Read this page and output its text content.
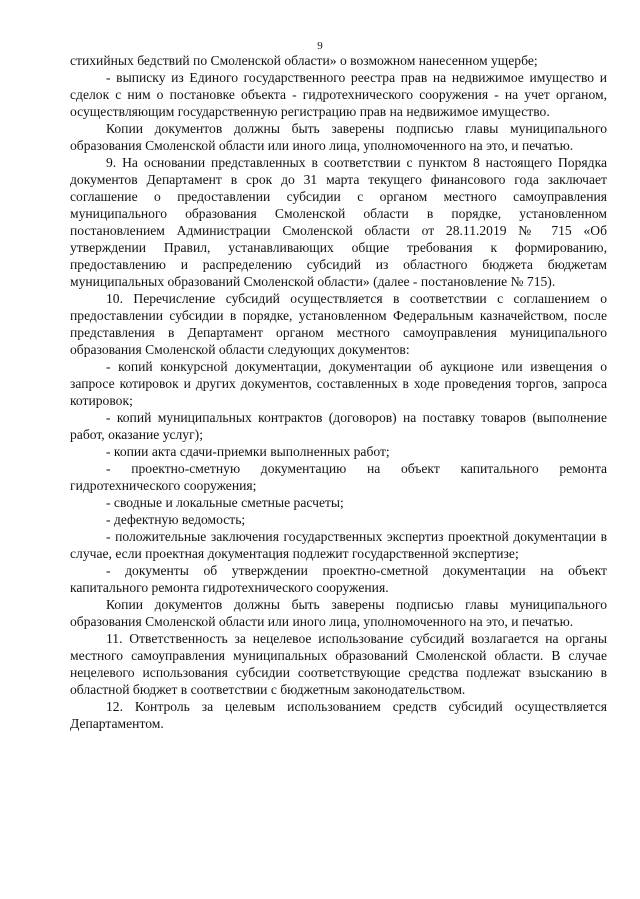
9

стихийных бедствий по Смоленской области» о возможном нанесенном ущербе;

- выписку из Единого государственного реестра прав на недвижимое имущество и сделок с ним о постановке объекта - гидротехнического сооружения - на учет органом, осуществляющим государственную регистрацию прав на недвижимое имущество.

Копии документов должны быть заверены подписью главы муниципального образования Смоленской области или иного лица, уполномоченного на это, и печатью.

9. На основании представленных в соответствии с пунктом 8 настоящего Порядка документов Департамент в срок до 31 марта текущего финансового года заключает соглашение о предоставлении субсидии с органом местного самоуправления муниципального образования Смоленской области в порядке, установленном постановлением Администрации Смоленской области от 28.11.2019 № 715 «Об утверждении Правил, устанавливающих общие требования к формированию, предоставлению и распределению субсидий из областного бюджета бюджетам муниципальных образований Смоленской области» (далее - постановление № 715).

10. Перечисление субсидий осуществляется в соответствии с соглашением о предоставлении субсидии в порядке, установленном Федеральным казначейством, после представления в Департамент органом местного самоуправления муниципального образования Смоленской области следующих документов:

- копий конкурсной документации, документации об аукционе или извещения о запросе котировок и других документов, составленных в ходе проведения торгов, запроса котировок;

- копий муниципальных контрактов (договоров) на поставку товаров (выполнение работ, оказание услуг);

- копии акта сдачи-приемки выполненных работ;

- проектно-сметную документацию на объект капитального ремонта гидротехнического сооружения;

- сводные и локальные сметные расчеты;

- дефектную ведомость;

- положительные заключения государственных экспертиз проектной документации в случае, если проектная документация подлежит государственной экспертизе;

- документы об утверждении проектно-сметной документации на объект капитального ремонта гидротехнического сооружения.

Копии документов должны быть заверены подписью главы муниципального образования Смоленской области или иного лица, уполномоченного на это, и печатью.

11. Ответственность за нецелевое использование субсидий возлагается на органы местного самоуправления муниципальных образований Смоленской области. В случае нецелевого использования субсидии соответствующие средства подлежат взысканию в областной бюджет в соответствии с бюджетным законодательством.

12. Контроль за целевым использованием средств субсидий осуществляется Департаментом.
